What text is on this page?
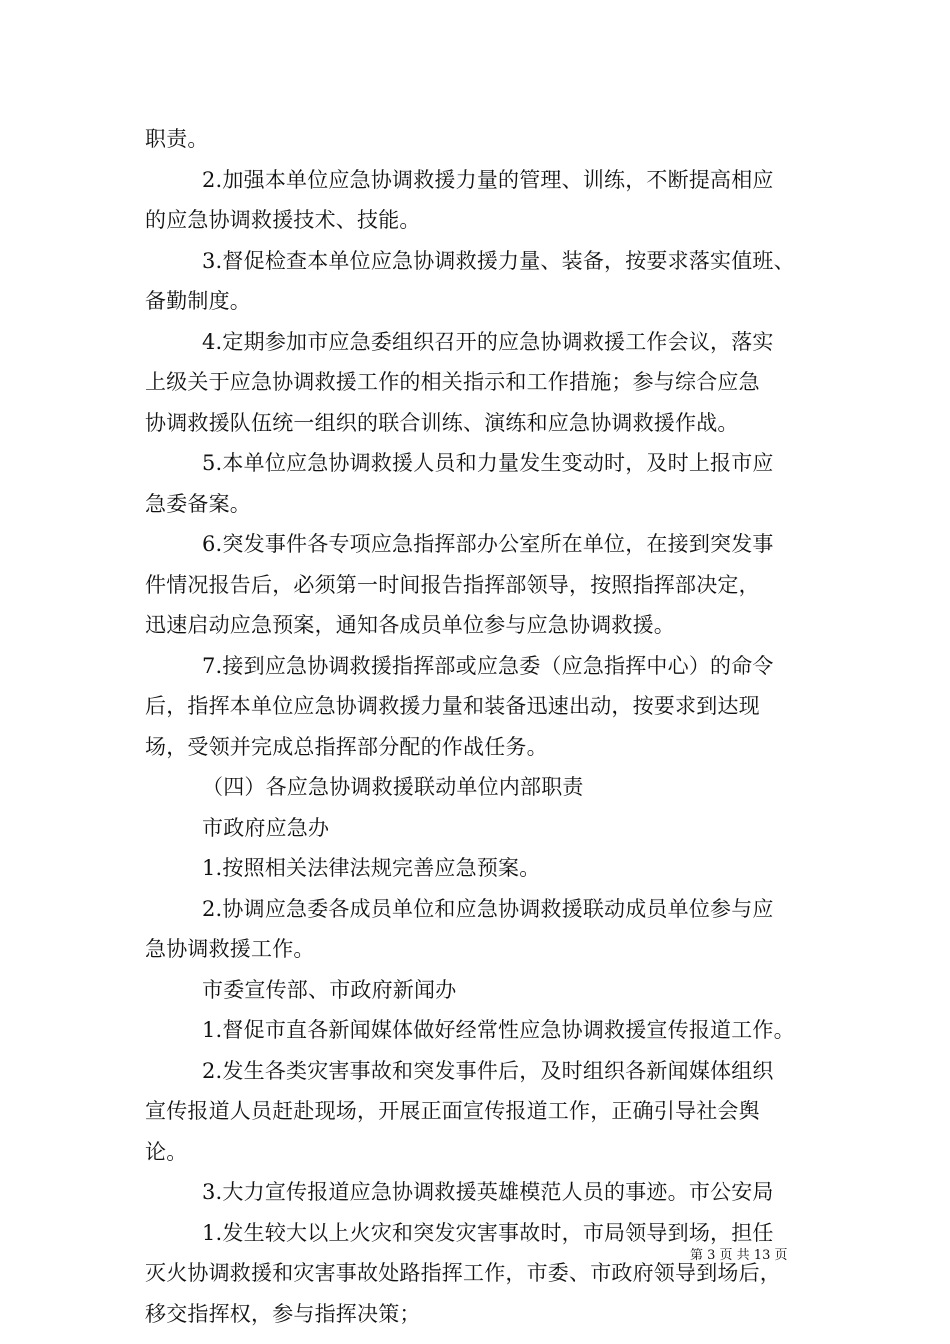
职责。
2.加强本单位应急协调救援力量的管理、训练，不断提高相应
的应急协调救援技术、技能。
3.督促检查本单位应急协调救援力量、装备，按要求落实值班、
备勤制度。
4.定期参加市应急委组织召开的应急协调救援工作会议，落实
上级关于应急协调救援工作的相关指示和工作措施；参与综合应急
协调救援队伍统一组织的联合训练、演练和应急协调救援作战。
5.本单位应急协调救援人员和力量发生变动时，及时上报市应
急委备案。
6.突发事件各专项应急指挥部办公室所在单位，在接到突发事
件情况报告后，必须第一时间报告指挥部领导，按照指挥部决定，
迅速启动应急预案，通知各成员单位参与应急协调救援。
7.接到应急协调救援指挥部或应急委（应急指挥中心）的命令
后，指挥本单位应急协调救援力量和装备迅速出动，按要求到达现
场，受领并完成总指挥部分配的作战任务。
（四）各应急协调救援联动单位内部职责
市政府应急办
1.按照相关法律法规完善应急预案。
2.协调应急委各成员单位和应急协调救援联动成员单位参与应
急协调救援工作。
市委宣传部、市政府新闻办
1.督促市直各新闻媒体做好经常性应急协调救援宣传报道工作。
2.发生各类灾害事故和突发事件后，及时组织各新闻媒体组织
宣传报道人员赶赴现场，开展正面宣传报道工作，正确引导社会舆
论。
3.大力宣传报道应急协调救援英雄模范人员的事迹。市公安局
1.发生较大以上火灾和突发灾害事故时，市局领导到场，担任
灭火协调救援和灾害事故处路指挥工作，市委、市政府领导到场后，
移交指挥权，参与指挥决策；
第 3 页 共 13 页
